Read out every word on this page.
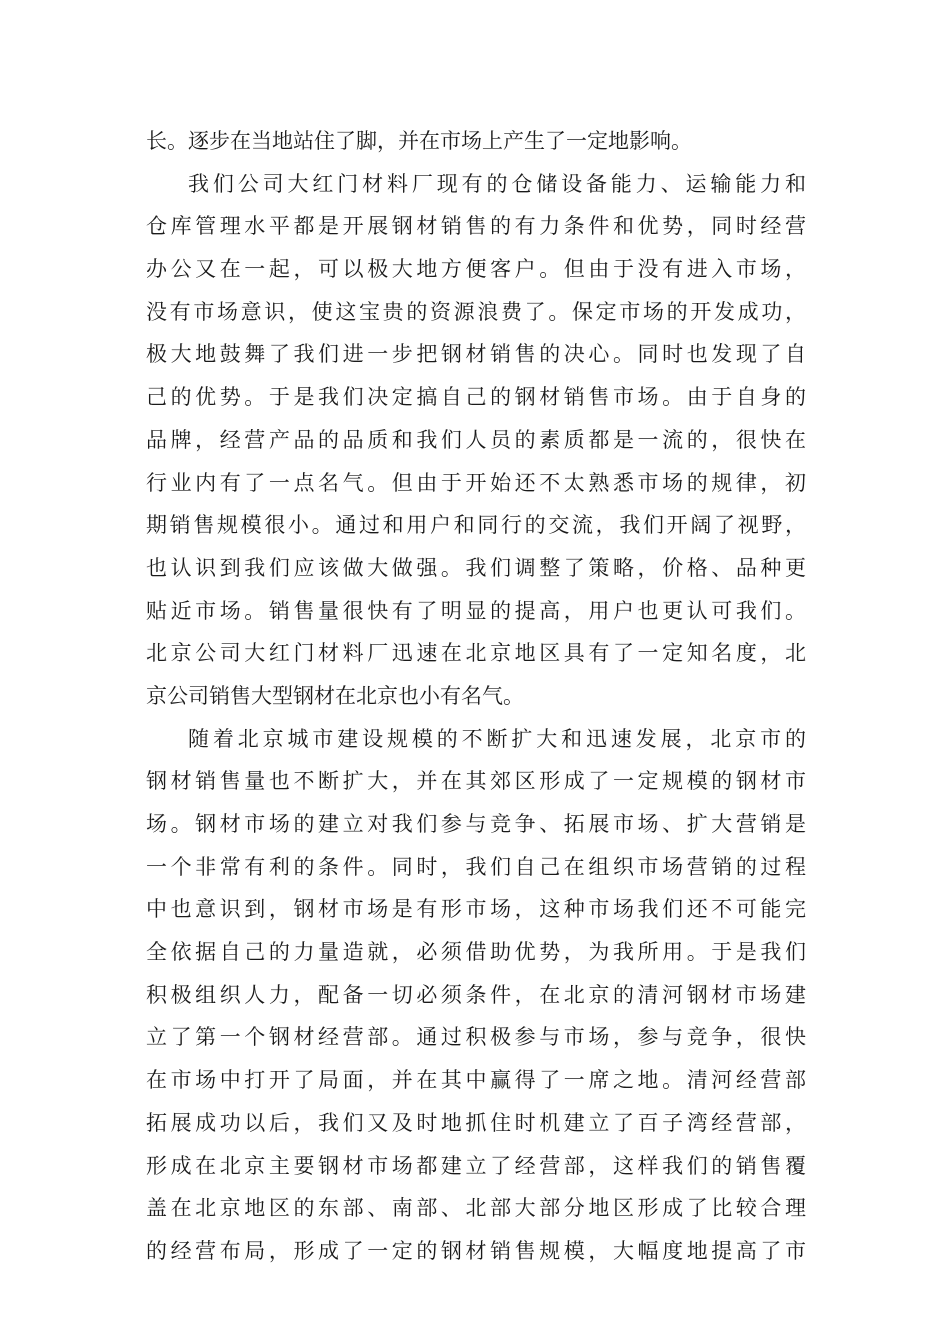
长。逐步在当地站住了脚，并在市场上产生了一定地影响。
我们公司大红门材料厂现有的仓储设备能力、运输能力和
仓库管理水平都是开展钢材销售的有力条件和优势，同时经营
办公又在一起，可以极大地方便客户。但由于没有进入市场，
没有市场意识，使这宝贵的资源浪费了。保定市场的开发成功，
极大地鼓舞了我们进一步把钢材销售的决心。同时也发现了自
己的优势。于是我们决定搞自己的钢材销售市场。由于自身的
品牌，经营产品的品质和我们人员的素质都是一流的，很快在
行业内有了一点名气。但由于开始还不太熟悉市场的规律，初
期销售规模很小。通过和用户和同行的交流，我们开阔了视野，
也认识到我们应该做大做强。我们调整了策略，价格、品种更
贴近市场。销售量很快有了明显的提高，用户也更认可我们。
北京公司大红门材料厂迅速在北京地区具有了一定知名度，北
京公司销售大型钢材在北京也小有名气。
随着北京城市建设规模的不断扩大和迅速发展，北京市的
钢材销售量也不断扩大，并在其郊区形成了一定规模的钢材市
场。钢材市场的建立对我们参与竞争、拓展市场、扩大营销是
一个非常有利的条件。同时，我们自己在组织市场营销的过程
中也意识到，钢材市场是有形市场，这种市场我们还不可能完
全依据自己的力量造就，必须借助优势，为我所用。于是我们
积极组织人力，配备一切必须条件，在北京的清河钢材市场建
立了第一个钢材经营部。通过积极参与市场，参与竞争，很快
在市场中打开了局面，并在其中赢得了一席之地。清河经营部
拓展成功以后，我们又及时地抓住时机建立了百子湾经营部，
形成在北京主要钢材市场都建立了经营部，这样我们的销售覆
盖在北京地区的东部、南部、北部大部分地区形成了比较合理
的经营布局，形成了一定的钢材销售规模，大幅度地提高了市
